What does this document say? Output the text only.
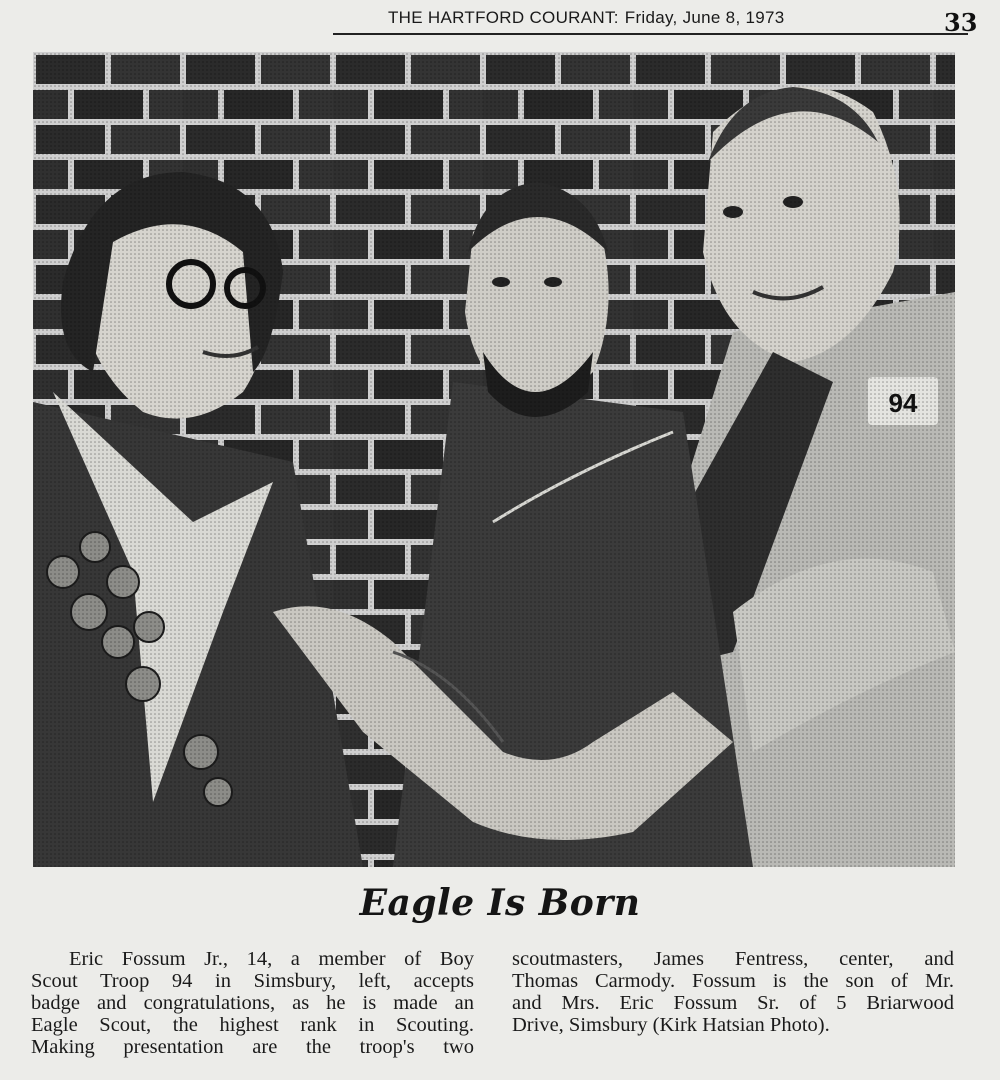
THE HARTFORD COURANT: Friday, June 8, 1973	33
Eagle Is Born
Eric Fossum Jr., 14, a member of Boy
Scout Troop 94 in Simsbury, left, accepts
badge and congratulations, as he is made an
Eagle Scout, the highest rank in Scouting.
Making presentation are the troop's two
scoutmasters, James Fentress, center, and
Thomas Carmody. Fossum is the son of Mr.
and Mrs. Eric Fossum Sr. of 5 Briarwood
Drive, Simsbury (Kirk Hatsian Photo).
